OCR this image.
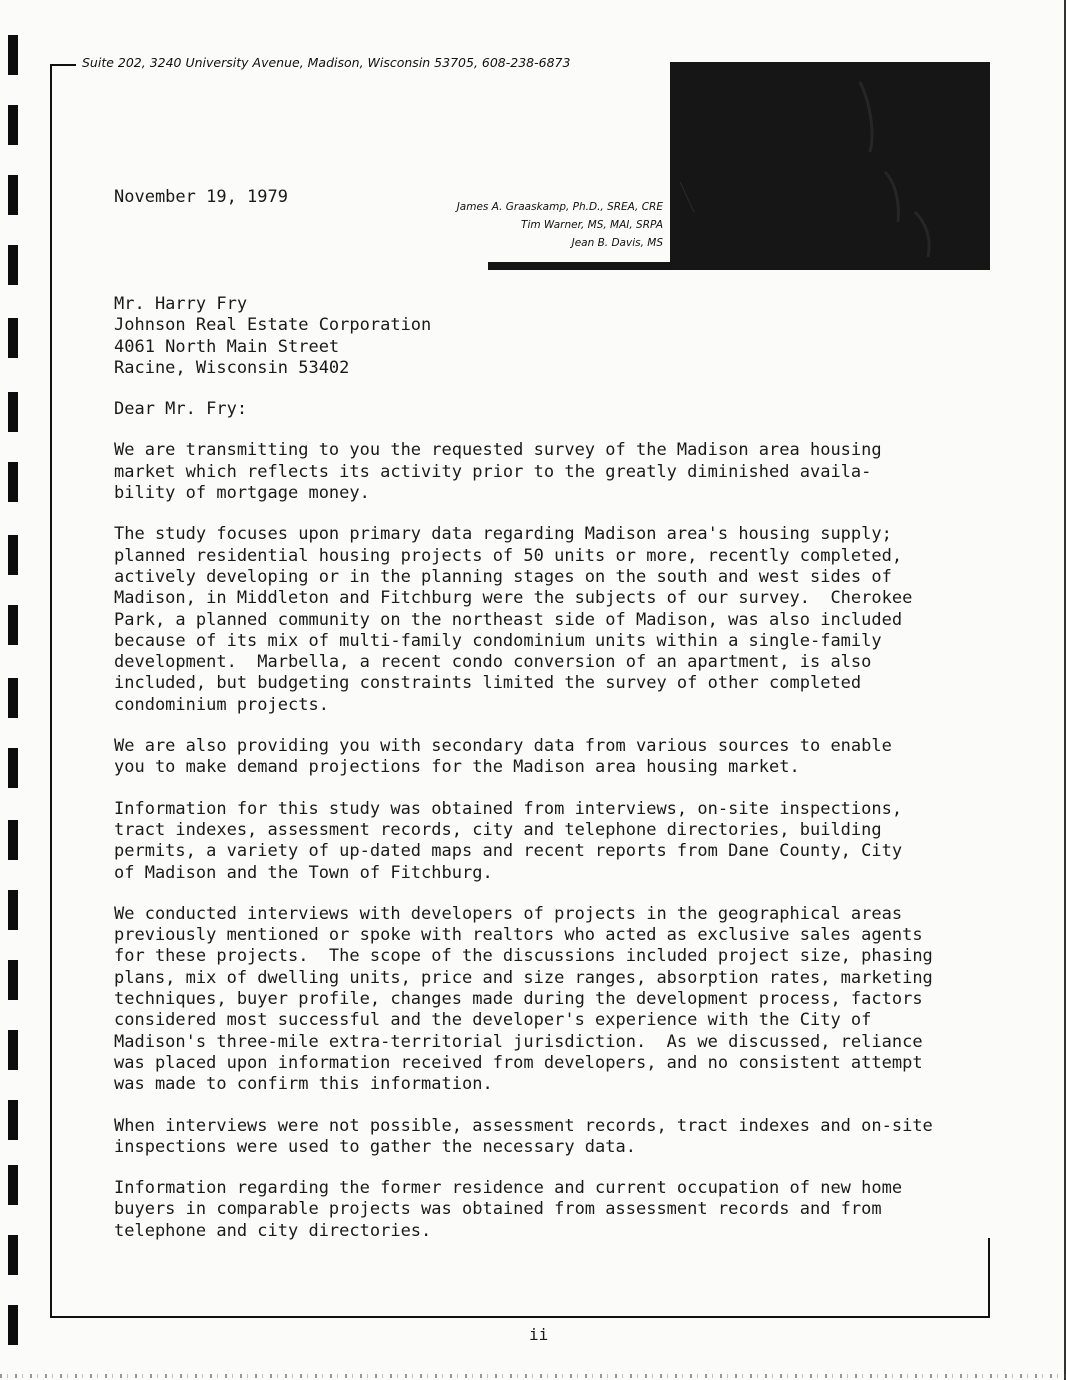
Suite 202, 3240 University Avenue, Madison, Wisconsin 53705, 608-238-6873
James A. Graaskamp, Ph.D., SREA, CRE
Tim Warner, MS, MAI, SRPA
Jean B. Davis, MS
November 19, 1979
Mr. Harry Fry
Johnson Real Estate Corporation
4061 North Main Street
Racine, Wisconsin 53402
Dear Mr. Fry:
We are transmitting to you the requested survey of the Madison area housing
market which reflects its activity prior to the greatly diminished availa-
bility of mortgage money.
The study focuses upon primary data regarding Madison area's housing supply;
planned residential housing projects of 50 units or more, recently completed,
actively developing or in the planning stages on the south and west sides of
Madison, in Middleton and Fitchburg were the subjects of our survey.  Cherokee
Park, a planned community on the northeast side of Madison, was also included
because of its mix of multi-family condominium units within a single-family
development.  Marbella, a recent condo conversion of an apartment, is also
included, but budgeting constraints limited the survey of other completed
condominium projects.
We are also providing you with secondary data from various sources to enable
you to make demand projections for the Madison area housing market.
Information for this study was obtained from interviews, on-site inspections,
tract indexes, assessment records, city and telephone directories, building
permits, a variety of up-dated maps and recent reports from Dane County, City
of Madison and the Town of Fitchburg.
We conducted interviews with developers of projects in the geographical areas
previously mentioned or spoke with realtors who acted as exclusive sales agents
for these projects.  The scope of the discussions included project size, phasing
plans, mix of dwelling units, price and size ranges, absorption rates, marketing
techniques, buyer profile, changes made during the development process, factors
considered most successful and the developer's experience with the City of
Madison's three-mile extra-territorial jurisdiction.  As we discussed, reliance
was placed upon information received from developers, and no consistent attempt
was made to confirm this information.
When interviews were not possible, assessment records, tract indexes and on-site
inspections were used to gather the necessary data.
Information regarding the former residence and current occupation of new home
buyers in comparable projects was obtained from assessment records and from
telephone and city directories.
ii
